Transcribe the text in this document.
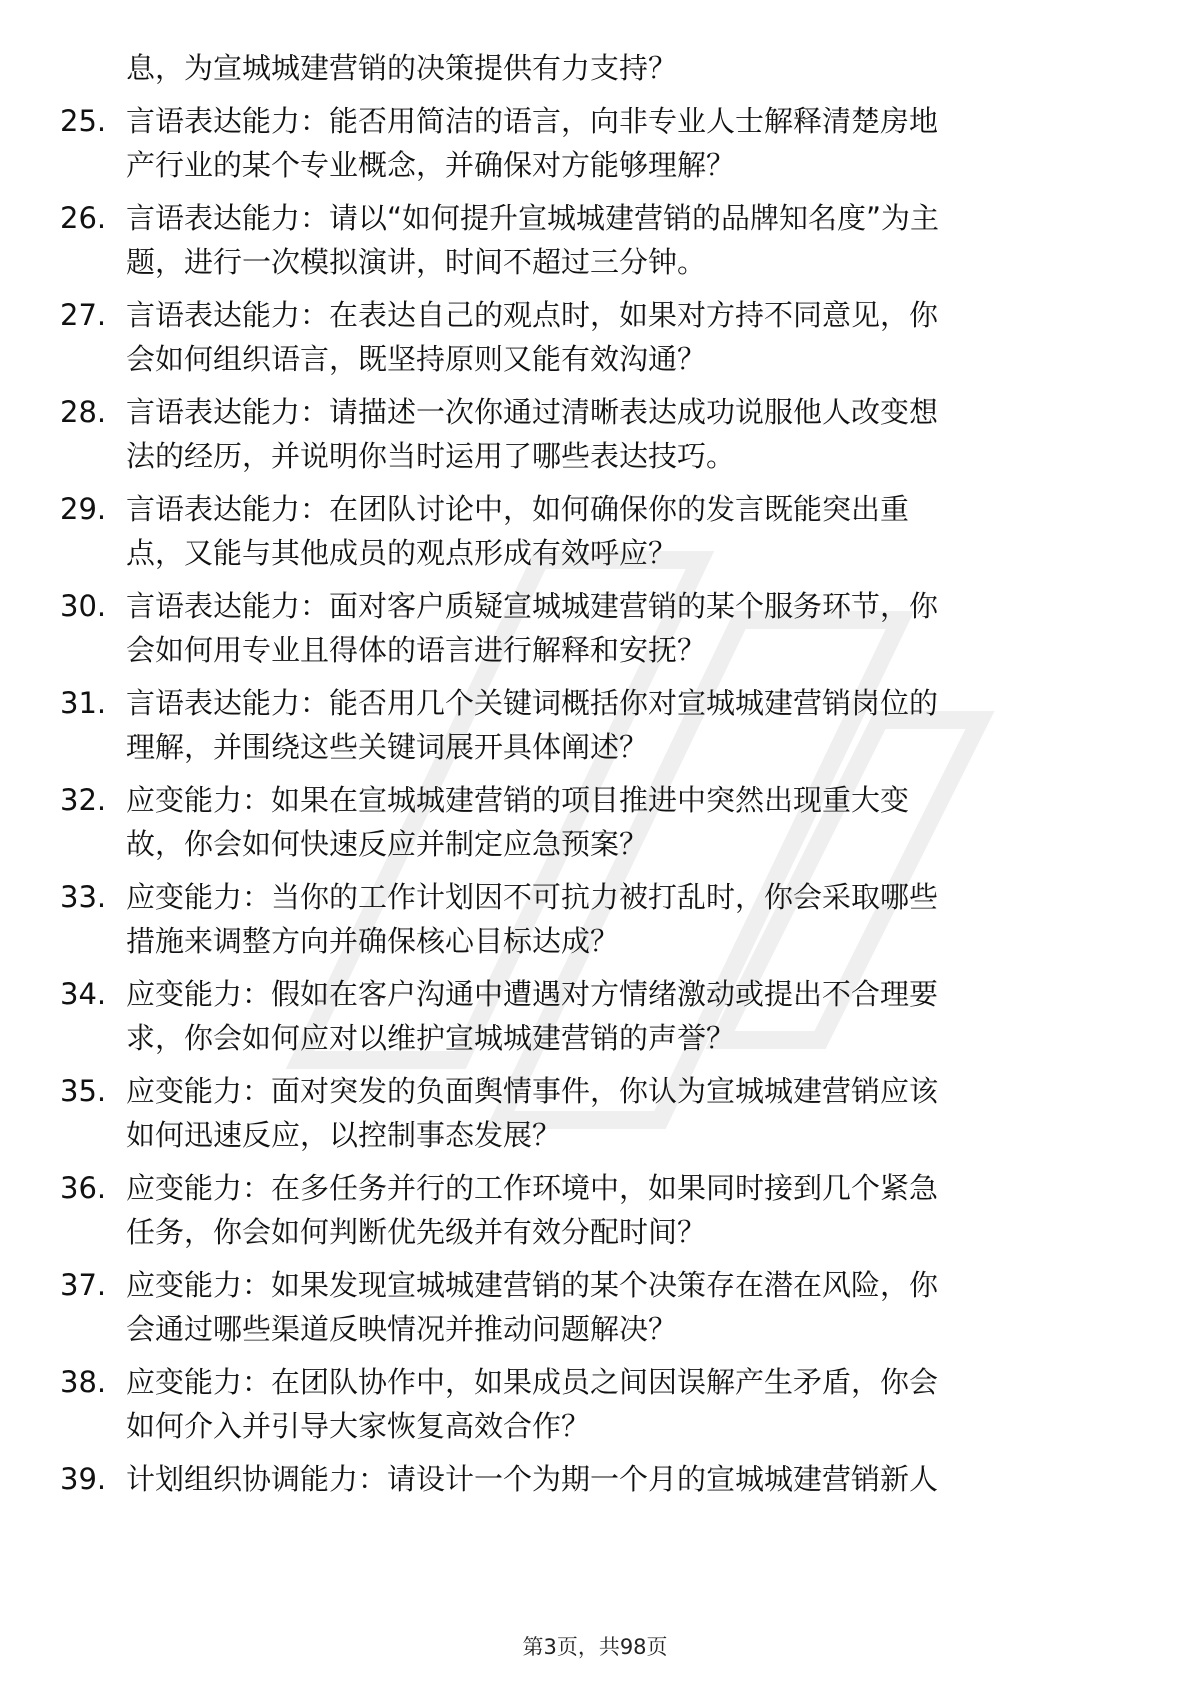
息，为宣城城建营销的决策提供有力支持？
25. 言语表达能力：能否用简洁的语言，向非专业人士解释清楚房地
产行业的某个专业概念，并确保对方能够理解？
26. 言语表达能力：请以“如何提升宣城城建营销的品牌知名度”为主
题，进行一次模拟演讲，时间不超过三分钟。
27. 言语表达能力：在表达自己的观点时，如果对方持不同意见，你
会如何组织语言，既坚持原则又能有效沟通？
28. 言语表达能力：请描述一次你通过清晰表达成功说服他人改变想
法的经历，并说明你当时运用了哪些表达技巧。
29. 言语表达能力：在团队讨论中，如何确保你的发言既能突出重
点，又能与其他成员的观点形成有效呼应？
30. 言语表达能力：面对客户质疑宣城城建营销的某个服务环节，你
会如何用专业且得体的语言进行解释和安抚？
31. 言语表达能力：能否用几个关键词概括你对宣城城建营销岗位的
理解，并围绕这些关键词展开具体阐述？
32. 应变能力：如果在宣城城建营销的项目推进中突然出现重大变
故，你会如何快速反应并制定应急预案？
33. 应变能力：当你的工作计划因不可抗力被打乱时，你会采取哪些
措施来调整方向并确保核心目标达成？
34. 应变能力：假如在客户沟通中遭遇对方情绪激动或提出不合理要
求，你会如何应对以维护宣城城建营销的声誉？
35. 应变能力：面对突发的负面舆情事件，你认为宣城城建营销应该
如何迅速反应，以控制事态发展？
36. 应变能力：在多任务并行的工作环境中，如果同时接到几个紧急
任务，你会如何判断优先级并有效分配时间？
37. 应变能力：如果发现宣城城建营销的某个决策存在潜在风险，你
会通过哪些渠道反映情况并推动问题解决？
38. 应变能力：在团队协作中，如果成员之间因误解产生矛盾，你会
如何介入并引导大家恢复高效合作？
39. 计划组织协调能力：请设计一个为期一个月的宣城城建营销新人
第3页，共98页
